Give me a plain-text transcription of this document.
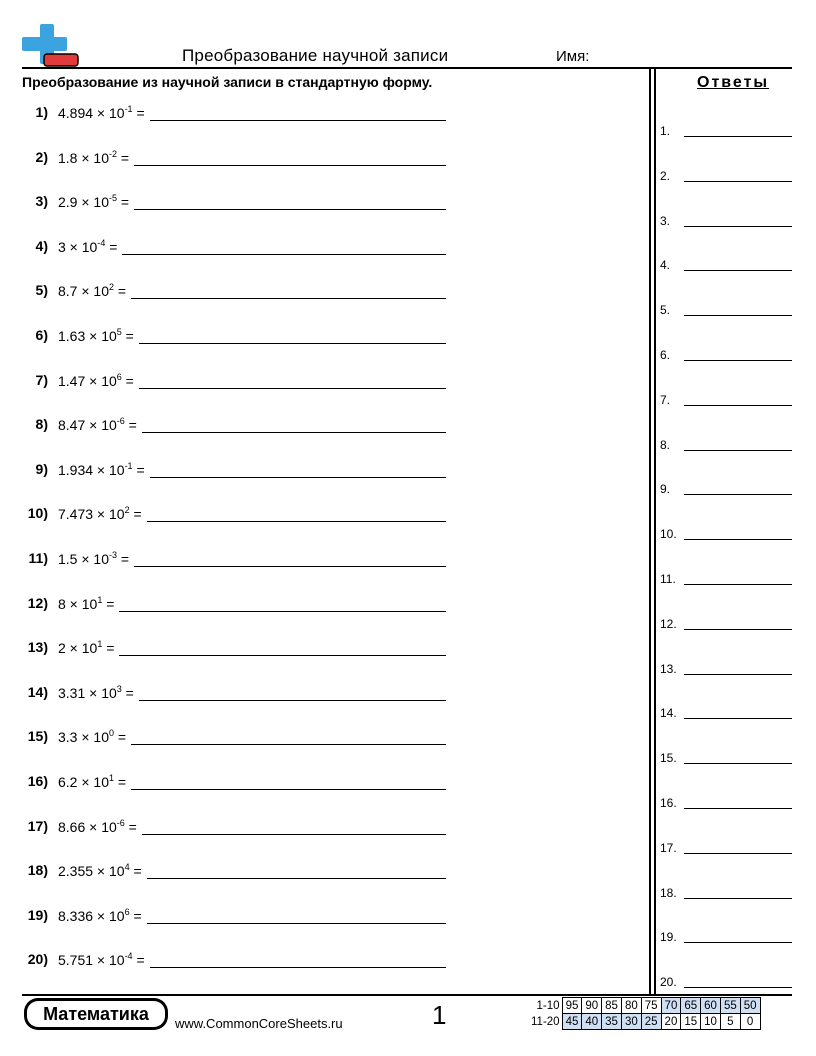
Преобразование научной записи	Имя:
Преобразование из научной записи в стандартную форму.	Ответы
1) $4.894 \times 10^{-1}$ =
2) $1.8 \times 10^{-2}$ =
3) $2.9 \times 10^{-5}$ =
4) $3 \times 10^{-4}$ =
5) $8.7 \times 10^2$ =
6) $1.63 \times 10^5$ =
7) $1.47 \times 10^6$ =
8) $8.47 \times 10^{-6}$ =
9) $1.934 \times 10^{-1}$ =
10) $7.473 \times 10^2$ =
11) $1.5 \times 10^{-3}$ =
12) $8 \times 10^1$ =
13) $2 \times 10^1$ =
14) $3.31 \times 10^3$ =
15) $3.3 \times 10^0$ =
16) $6.2 \times 10^1$ =
17) $8.66 \times 10^{-6}$ =
18) $2.355 \times 10^4$ =
19) $8.336 \times 10^6$ =
20) $5.751 \times 10^{-4}$ =
1.
2.
3.
4.
5.
6.
7.
8.
9.
10.
11.
12.
13.
14.
15.
16.
17.
18.
19.
20.
Математика	www.CommonCoreSheets.ru	1	1-10	95	90	85	80	75	70	65	60	55	50
11-20	45	40	35	30	25	20	15	10	5	0
